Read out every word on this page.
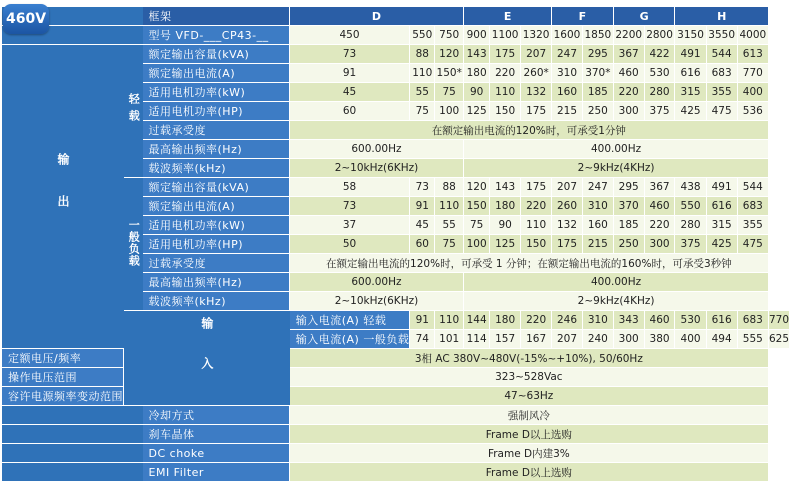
460V
		框架	D			E			F		G		H			
		型号 VFD-___CP43-__	450	550	750	900	1100	1320	1600	1850	2200	2800	3150	3550	4000	
输出	轻载	额定输出容量(kVA)	73	88	120	143	175	207	247	295	367	422	491	544	613	
		额定输出电流(A)	91	110	150*	180	220	260*	310	370*	460	530	616	683	770	
		适用电机功率(kW)	45	55	75	90	110	132	160	185	220	280	315	355	400	
		适用电机功率(HP)	60	75	100	125	150	175	215	250	300	375	425	475	536	
		过载承受度	在额定输出电流的120%时，可承受1分钟													
		最高输出频率(Hz)	600.00Hz			400.00Hz										
		载波频率(kHz)	2~10kHz(6KHz)			2~9kHz(4KHz)										
	一般负载	额定输出容量(kVA)	58	73	88	120	143	175	207	247	295	367	438	491	544	
		额定输出电流(A)	73	91	110	150	180	220	260	310	370	460	550	616	683	
		适用电机功率(kW)	37	45	55	75	90	110	132	160	185	220	280	315	355	
		适用电机功率(HP)	50	60	75	100	125	150	175	215	250	300	375	425	475	
		过载承受度	在额定输出电流的120%时，可承受 1 分钟；在额定输出电流的160%时，可承受3秒钟													
		最高输出频率(Hz)	600.00Hz			400.00Hz										
		载波频率(kHz)	2~10kHz(6KHz)			2~9kHz(4KHz)										
	输入		输入电流(A) 轻载	91	110	144	180	220	246	310	343	460	530	616	683	770
			输入电流(A) 一般负载	74	101	114	157	167	207	240	300	380	400	494	555	625
定额电压/频率			3相 AC 380V~480V(-15%~+10%), 50/60Hz													
操作电压范围			323~528Vac													
容许电源频率变动范围			47~63Hz													
		冷却方式	强制风冷													
		刹车晶体	Frame D以上选购													
		DC choke	Frame D内建3%													
		EMI Filter	Frame D以上选购													
